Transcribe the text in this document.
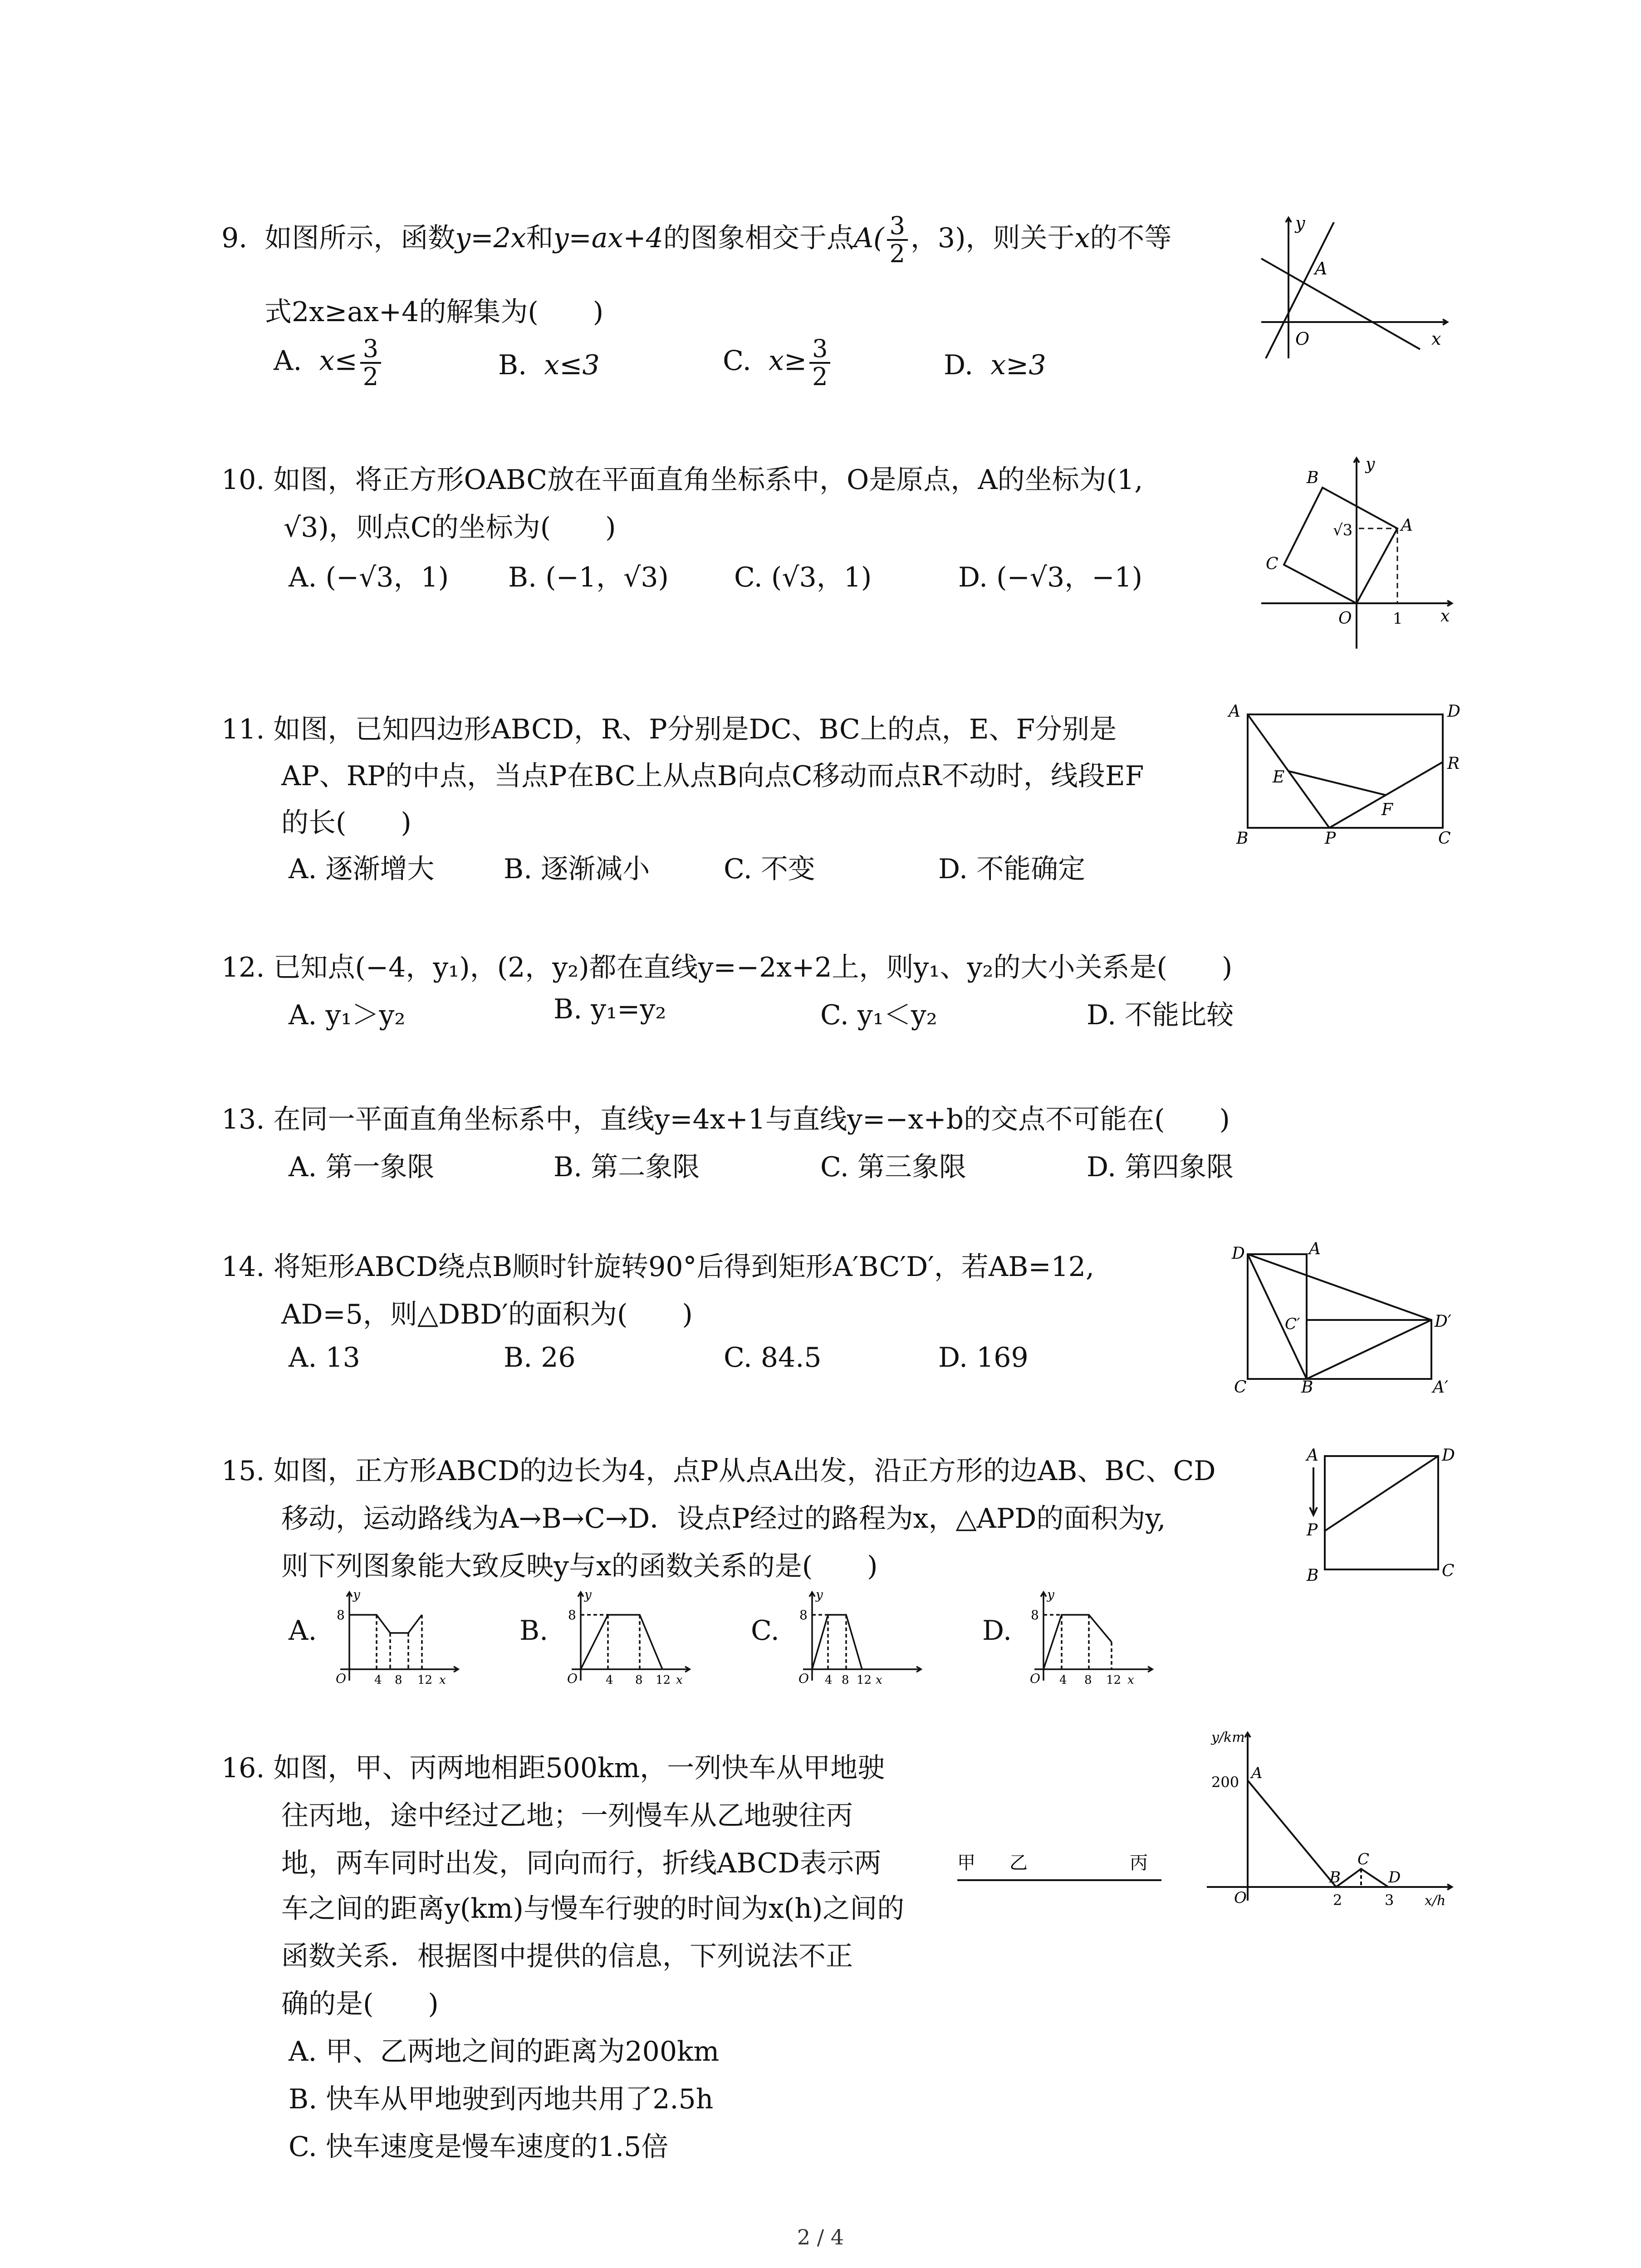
9. 如图所示，函数y=2x和y=ax+4的图象相交于点$A( \frac{3}{2}$ ，3)，则关于x的不等
式2x≥ax+4的解集为(　　)
A. $x\le \frac{3}{2}$	B. x≤3	C. $x\ge \frac{3}{2}$	D. x≥3
y
A
O	x
10. 如图，将正方形OABC放在平面直角坐标系中，O是原点，A的坐标为(1,
√3)，则点C的坐标为(　　)
A. (−√3，1) B. (−1，√3) C. (√3，1)	D. (−√3，−1)
y
B
√3	A
C
O	1 x
11. 如图，已知四边形ABCD，R、P分别是DC、BC上的点，E、F分别是
AP、RP的中点，当点P在BC上从点B向点C移动而点R不动时，线段EF
的长(　　)
A. 逐渐增大	B. 逐渐减小	C. 不变	D. 不能确定
A	D
R
E
F
B	P	C
12. 已知点(−4，y₁)，(2，y₂)都在直线y=−2x+2上，则y₁、y₂的大小关系是(　　)
A. y₁＞y₂	B. y₁=y₂	C. y₁＜y₂	D. 不能比较
13. 在同一平面直角坐标系中，直线y=4x+1与直线y=−x+b的交点不可能在(　　)
A. 第一象限	B. 第二象限	C. 第三象限	D. 第四象限
14. 将矩形ABCD绕点B顺时针旋转90°后得到矩形A′BC′D′，若AB=12,
AD=5，则△DBD′的面积为(　　)
A. 13	B. 26	C. 84.5	D. 169
D	A
C′	D′
C	B	A′
15. 如图，正方形ABCD的边长为4，点P从点A出发，沿正方形的边AB、BC、CD
移动，运动路线为A→B→C→D．设点P经过的路程为x，△APD的面积为y,
则下列图象能大致反映y与x的函数关系的是(　　)
A.	B.	C.	D.
y
8
O 4 8 12 x
y
8
O 4 8 12 x
y
8
O 4 8 12 x
y
8
O 4 8 12 x
A	D
P
B	C
16. 如图，甲、丙两地相距500km，一列快车从甲地驶
往丙地，途中经过乙地；一列慢车从乙地驶往丙
地，两车同时出发，同向而行，折线ABCD表示两
车之间的距离y(km)与慢车行驶的时间为x(h)之间的
函数关系．根据图中提供的信息，下列说法不正
确的是(　　)
A. 甲、乙两地之间的距离为200km
B. 快车从甲地驶到丙地共用了2.5h
C. 快车速度是慢车速度的1.5倍
甲 乙	丙
y/km
200 A
B
C
D
O	2	3 x/h
2 / 4
